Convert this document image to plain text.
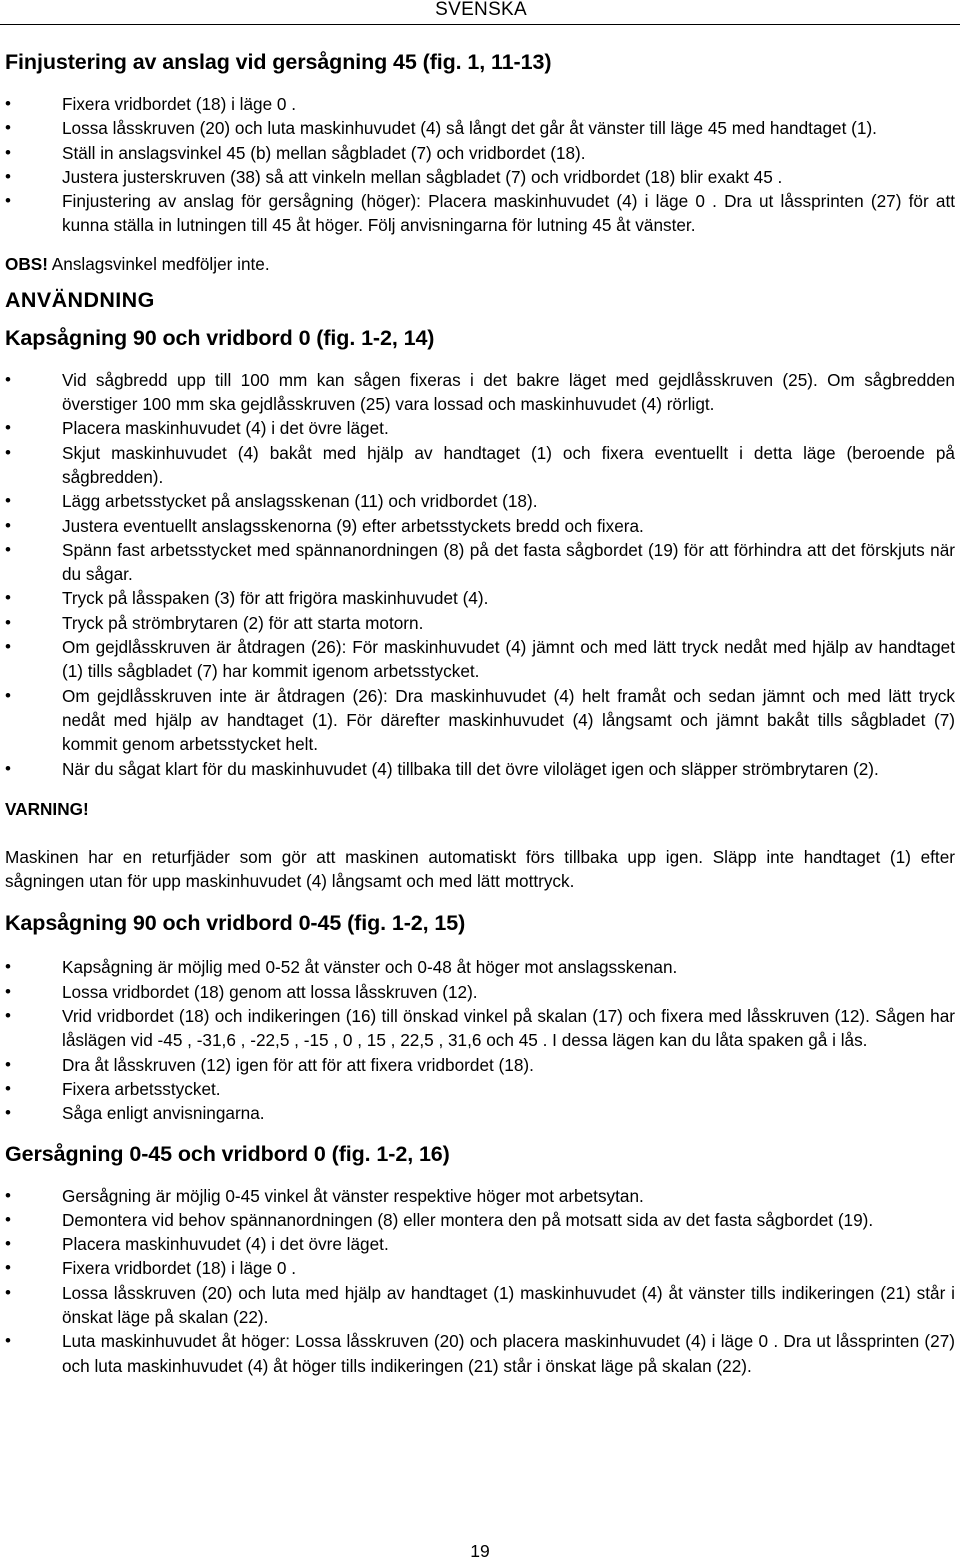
SVENSKA
Finjustering av anslag vid gersågning 45 (fig. 1, 11-13)
• Fixera vridbordet (18) i läge 0 .
• Lossa låsskruven (20) och luta maskinhuvudet (4) så långt det går åt vänster till läge 45 med handtaget (1).
• Ställ in anslagsvinkel 45 (b) mellan sågbladet (7) och vridbordet (18).
• Justera justerskruven (38) så att vinkeln mellan sågbladet (7) och vridbordet (18) blir exakt 45 .
• Finjustering av anslag för gersågning (höger): Placera maskinhuvudet (4) i läge 0 . Dra ut låssprinten (27) för att kunna ställa in lutningen till 45 åt höger. Följ anvisningarna för lutning 45 åt vänster.

OBS! Anslagsvinkel medföljer inte.

ANVÄNDNING
Kapsågning 90 och vridbord 0 (fig. 1-2, 14)
• Vid sågbredd upp till 100 mm kan sågen fixeras i det bakre läget med gejdlåsskruven (25). Om sågbredden överstiger 100 mm ska gejdlåsskruven (25) vara lossad och maskinhuvudet (4) rörligt.
• Placera maskinhuvudet (4) i det övre läget.
• Skjut maskinhuvudet (4) bakåt med hjälp av handtaget (1) och fixera eventuellt i detta läge (beroende på sågbredden).
• Lägg arbetsstycket på anslagsskenan (11) och vridbordet (18).
• Justera eventuellt anslagsskenorna (9) efter arbetsstyckets bredd och fixera.
• Spänn fast arbetsstycket med spännanordningen (8) på det fasta sågbordet (19) för att förhindra att det förskjuts när du sågar.
• Tryck på låsspaken (3) för att frigöra maskinhuvudet (4).
• Tryck på strömbrytaren (2) för att starta motorn.
• Om gejdlåsskruven är åtdragen (26): För maskinhuvudet (4) jämnt och med lätt tryck nedåt med hjälp av handtaget (1) tills sågbladet (7) har kommit igenom arbetsstycket.
• Om gejdlåsskruven inte är åtdragen (26): Dra maskinhuvudet (4) helt framåt och sedan jämnt och med lätt tryck nedåt med hjälp av handtaget (1). För därefter maskinhuvudet (4) långsamt och jämnt bakåt tills sågbladet (7) kommit genom arbetsstycket helt.
• När du sågat klart för du maskinhuvudet (4) tillbaka till det övre viloläget igen och släpper strömbrytaren (2).

VARNING!

Maskinen har en returfjäder som gör att maskinen automatiskt förs tillbaka upp igen. Släpp inte handtaget (1) efter sågningen utan för upp maskinhuvudet (4) långsamt och med lätt mottryck.

Kapsågning 90 och vridbord 0-45 (fig. 1-2, 15)
• Kapsågning är möjlig med 0-52 åt vänster och 0-48 åt höger mot anslagsskenan.
• Lossa vridbordet (18) genom att lossa låsskruven (12).
• Vrid vridbordet (18) och indikeringen (16) till önskad vinkel på skalan (17) och fixera med låsskruven (12). Sågen har låslägen vid -45 , -31,6 , -22,5 , -15 , 0 , 15 , 22,5 , 31,6 och 45 . I dessa lägen kan du låta spaken gå i lås.
• Dra åt låsskruven (12) igen för att för att fixera vridbordet (18).
• Fixera arbetsstycket.
• Såga enligt anvisningarna.
Gersågning 0-45 och vridbord 0 (fig. 1-2, 16)
• Gersågning är möjlig 0-45 vinkel åt vänster respektive höger mot arbetsytan.
• Demontera vid behov spännanordningen (8) eller montera den på motsatt sida av det fasta sågbordet (19).
• Placera maskinhuvudet (4) i det övre läget.
• Fixera vridbordet (18) i läge 0 .
• Lossa låsskruven (20) och luta med hjälp av handtaget (1) maskinhuvudet (4) åt vänster tills indikeringen (21) står i önskat läge på skalan (22).
• Luta maskinhuvudet åt höger: Lossa låsskruven (20) och placera maskinhuvudet (4) i läge 0 . Dra ut låssprinten (27) och luta maskinhuvudet (4) åt höger tills indikeringen (21) står i önskat läge på skalan (22).
19
